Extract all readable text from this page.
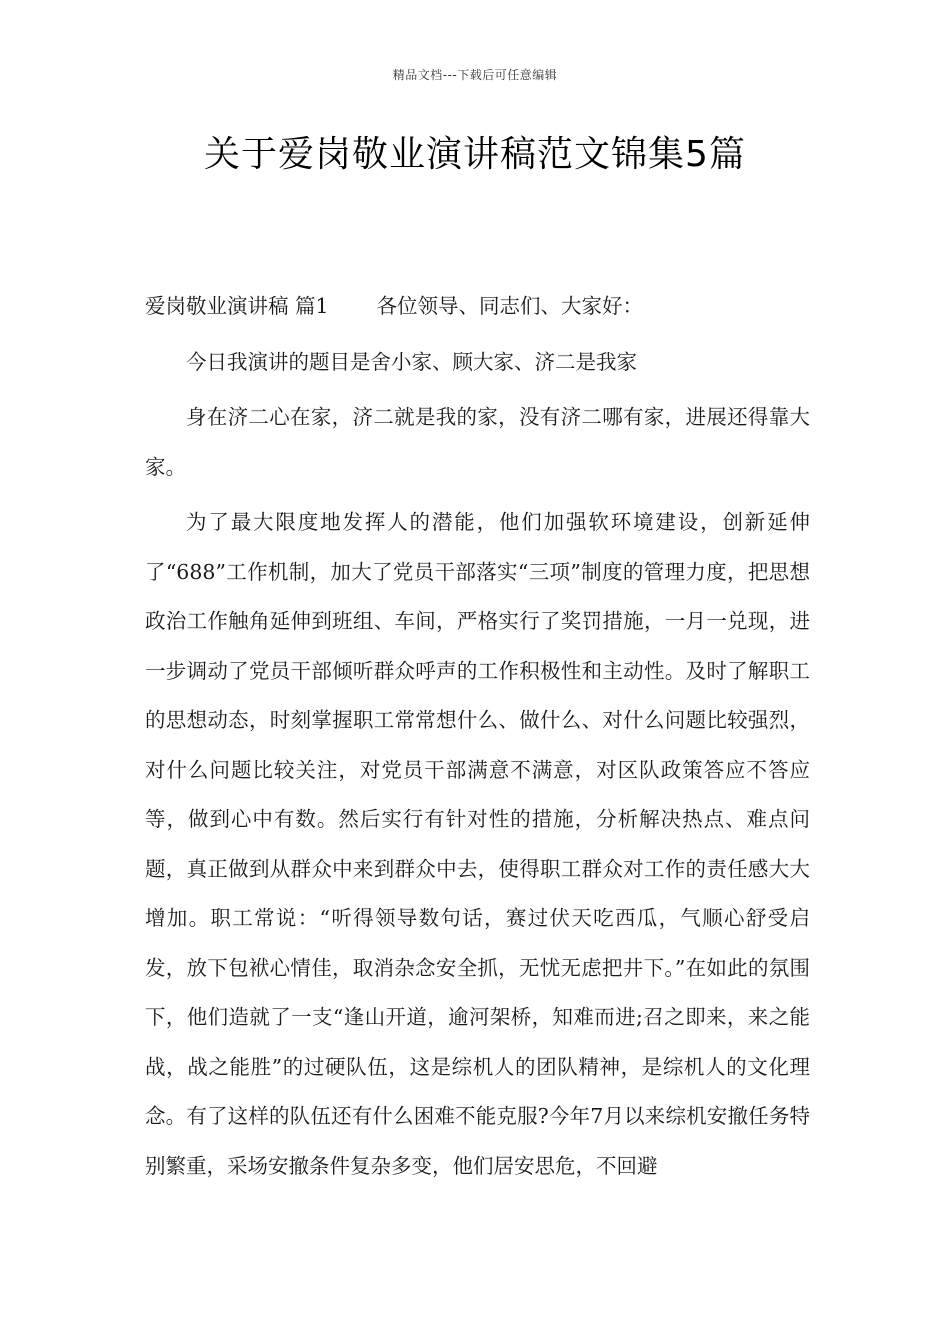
精品文档---下载后可任意编辑
关于爱岗敬业演讲稿范文锦集5篇

爱岗敬业演讲稿 篇1 各位领导、同志们、大家好：

今日我演讲的题目是舍小家、顾大家、济二是我家

身在济二心在家，济二就是我的家，没有济二哪有家，进展还得靠大家。

为了最大限度地发挥人的潜能，他们加强软环境建设，创新延伸了“688”工作机制，加大了党员干部落实“三项”制度的管理力度，把思想政治工作触角延伸到班组、车间，严格实行了奖罚措施，一月一兑现，进一步调动了党员干部倾听群众呼声的工作积极性和主动性。及时了解职工的思想动态，时刻掌握职工常常想什么、做什么、对什么问题比较强烈，对什么问题比较关注，对党员干部满意不满意，对区队政策答应不答应等，做到心中有数。然后实行有针对性的措施，分析解决热点、难点问题，真正做到从群众中来到群众中去，使得职工群众对工作的责任感大大增加。职工常说：“听得领导数句话，赛过伏天吃西瓜，气顺心舒受启发，放下包袱心情佳，取消杂念安全抓，无忧无虑把井下。”在如此的氛围下，他们造就了一支“逢山开道，逾河架桥，知难而进;召之即来，来之能战，战之能胜”的过硬队伍，这是综机人的团队精神，是综机人的文化理念。有了这样的队伍还有什么困难不能克服?今年7月以来综机安撤任务特别繁重，采场安撤条件复杂多变，他们居安思危，不回避
